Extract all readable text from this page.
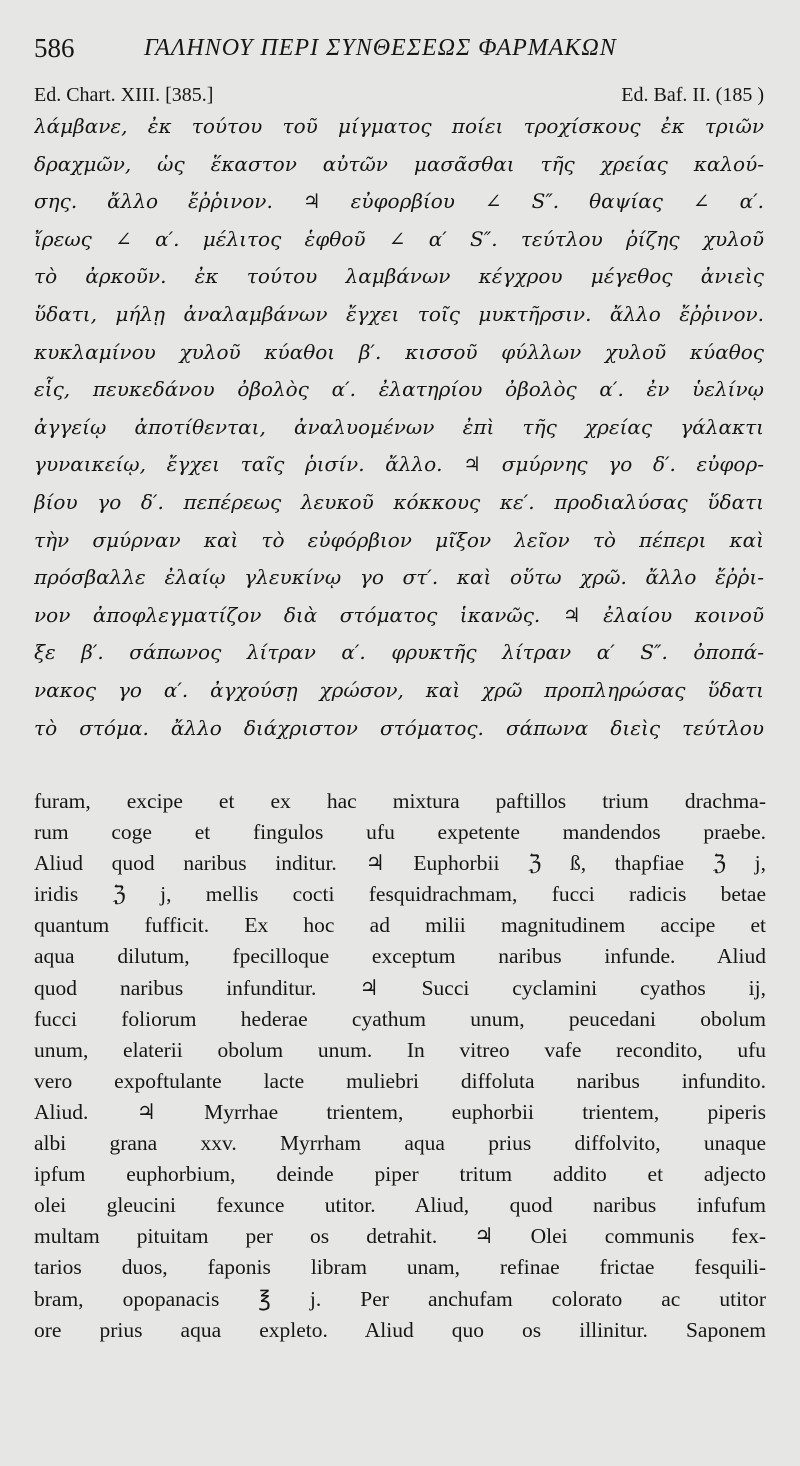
586	ΓΑΛΗΝΟΥ ΠΕΡΙ ΣΥΝΘΕΣΕΩΣ ΦΑΡΜΑΚΩΝ
Ed. Chart. XIII. [385.]	Ed. Baf. II. (185 )
λάμβανε, ἐκ τούτου τοῦ μίγματος ποίει τροχίσκους ἐκ τριῶν
δραχμῶν, ὡς ἕκαστον αὐτῶν μασᾶσθαι τῆς χρείας καλού-
σης. ἄλλο ἔῤῥινον. ♃ εὐφορβίου ∠ S″. θαψίας ∠ α′.
ἴρεως ∠ α′. μέλιτος ἑφθοῦ ∠ α′ S″. τεύτλου ῥίζης χυλοῦ
τὸ ἀρκοῦν. ἐκ τούτου λαμβάνων κέγχρου μέγεθος ἀνιεὶς
ὕδατι, μήλῃ ἀναλαμβάνων ἔγχει τοῖς μυκτῆρσιν. ἄλλο ἔῤῥινον.
κυκλαμίνου χυλοῦ κύαθοι β′. κισσοῦ φύλλων χυλοῦ κύαθος
εἷς, πευκεδάνου ὀβολὸς α′. ἐλατηρίου ὀβολὸς α′. ἐν ὑελίνῳ
ἀγγείῳ ἀποτίθενται, ἀναλυομένων ἐπὶ τῆς χρείας γάλακτι
γυναικείῳ, ἔγχει ταῖς ῥισίν. ἄλλο. ♃ σμύρνης γο δ′. εὐφορ-
βίου γο δ′. πεπέρεως λευκοῦ κόκκους κε′. προδιαλύσας ὕδατι
τὴν σμύρναν καὶ τὸ εὐφόρβιον μῖξον λεῖον τὸ πέπερι καὶ
πρόσβαλλε ἐλαίῳ γλευκίνῳ γο στ′. καὶ οὕτω χρῶ. ἄλλο ἔῤῥι-
νον ἀποφλεγματίζον διὰ στόματος ἱκανῶς. ♃ ἐλαίου κοινοῦ
ξε β′. σάπωνος λίτραν α′. φρυκτῆς λίτραν α′ S″. ὀποπά-
νακος γο α′. ἀγχούσῃ χρώσον, καὶ χρῶ προπληρώσας ὕδατι
τὸ στόμα. ἄλλο διάχριστον στόματος. σάπωνα διεὶς τεύτλου
furam, excipe et ex hac mixtura paftillos trium drachma-
rum coge et fingulos ufu expetente mandendos praebe.
Aliud quod naribus inditur. ♃ Euphorbii ℨ ß, thapfiae ℨ j,
iridis ℨ j, mellis cocti fesquidrachmam, fucci radicis betae
quantum fufficit. Ex hoc ad milii magnitudinem accipe et
aqua dilutum, fpecilloque exceptum naribus infunde. Aliud
quod naribus infunditur. ♃ Succi cyclamini cyathos ij,
fucci foliorum hederae cyathum unum, peucedani obolum
unum, elaterii obolum unum. In vitreo vafe recondito, ufu
vero expoftulante lacte muliebri diffoluta naribus infundito.
Aliud. ♃ Myrrhae trientem, euphorbii trientem, piperis
albi grana xxv. Myrrham aqua prius diffolvito, unaque
ipfum euphorbium, deinde piper tritum addito et adjecto
olei gleucini fexunce utitor. Aliud, quod naribus infufum
multam pituitam per os detrahit. ♃ Olei communis fex-
tarios duos, faponis libram unam, refinae frictae fesquili-
bram, opopanacis ℥ j. Per anchufam colorato ac utitor
ore prius aqua expleto. Aliud quo os illinitur. Saponem
